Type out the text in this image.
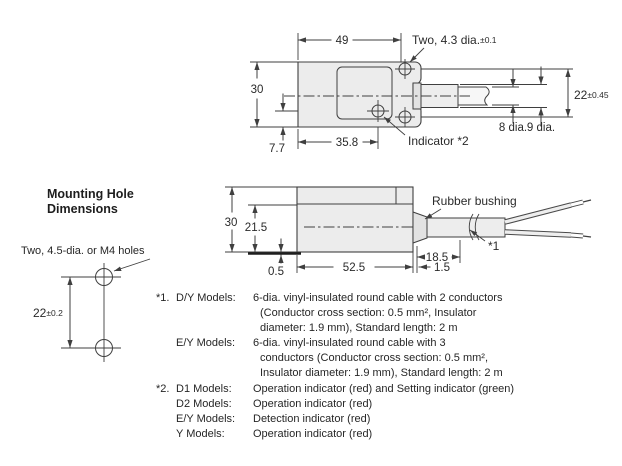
49	Two, 4.3 dia.±0.1
30
7.7	35.8	Indicator *2
8 dia. 9 dia.
22±0.45
30 21.5
0.5	52.5
18.5
1.5
Rubber bushing
*1
22±0.2
Mounting Hole
Dimensions
Two, 4.5-dia. or M4 holes
*1. D/Y Models: 6-dia. vinyl-insulated round cable with 2 conductors
(Conductor cross section: 0.5 mm², Insulator
diameter: 1.9 mm), Standard length: 2 m
E/Y Models: 6-dia. vinyl-insulated round cable with 3
conductors (Conductor cross section: 0.5 mm²,
Insulator diameter: 1.9 mm), Standard length: 2 m
*2. D1 Models: Operation indicator (red) and Setting indicator (green)
D2 Models: Operation indicator (red)
E/Y Models: Detection indicator (red)
Y Models:	Operation indicator (red)
